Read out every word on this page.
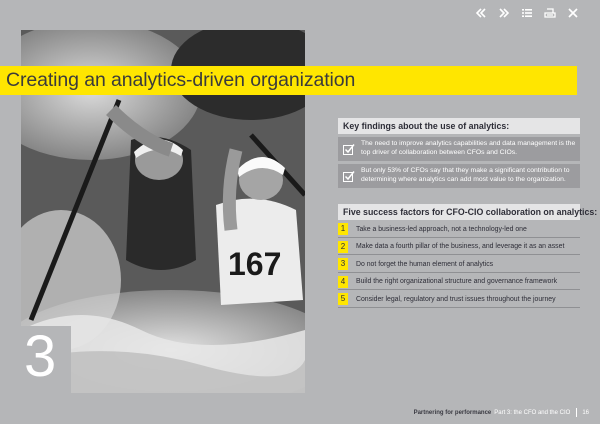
167
3
Creating an analytics-driven organization
Key findings about the use of analytics:
The need to improve analytics capabilities and data management is the top driver of collaboration between CFOs and CIOs.
But only 53% of CFOs say that they make a significant contribution to determining where analytics can add most value to the organization.
Five success factors for CFO-CIO collaboration on analytics:
1	Take a business-led approach, not a technology-led one
2	Make data a fourth pillar of the business, and leverage it as an asset
3	Do not forget the human element of analytics
4	Build the right organizational structure and governance framework
5	Consider legal, regulatory and trust issues throughout the journey
Partnering for performance Part 3: the CFO and the CIO 16
